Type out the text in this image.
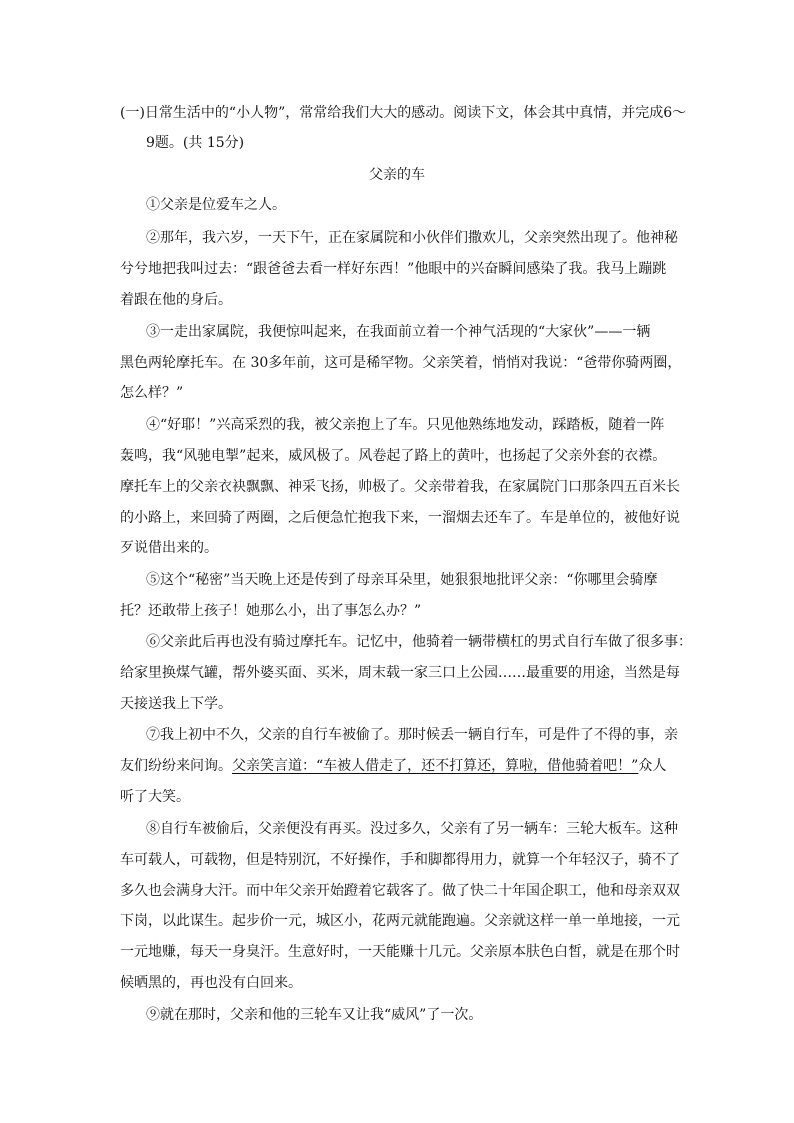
(一)日常生活中的“小人物”，常常给我们大大的感动。阅读下文，体会其中真情，并完成6～
9题。(共 15分)
父亲的车
①父亲是位爱车之人。
②那年，我六岁，一天下午，正在家属院和小伙伴们撒欢儿，父亲突然出现了。他神秘
兮兮地把我叫过去：“跟爸爸去看一样好东西！”他眼中的兴奋瞬间感染了我。我马上蹦跳
着跟在他的身后。
③一走出家属院，我便惊叫起来，在我面前立着一个神气活现的“大家伙”——一辆
黑色两轮摩托车。在 30多年前，这可是稀罕物。父亲笑着，悄悄对我说：“爸带你骑两圈，
怎么样？”
④“好耶！”兴高采烈的我，被父亲抱上了车。只见他熟练地发动，踩踏板，随着一阵
轰鸣，我“风驰电掣”起来，威风极了。风卷起了路上的黄叶，也扬起了父亲外套的衣襟。
摩托车上的父亲衣袂飘飘、神采飞扬，帅极了。父亲带着我，在家属院门口那条四五百米长
的小路上，来回骑了两圈，之后便急忙抱我下来，一溜烟去还车了。车是单位的，被他好说
歹说借出来的。
⑤这个“秘密”当天晚上还是传到了母亲耳朵里，她狠狠地批评父亲：“你哪里会骑摩
托？还敢带上孩子！她那么小，出了事怎么办？”
⑥父亲此后再也没有骑过摩托车。记忆中，他骑着一辆带横杠的男式自行车做了很多事：
给家里换煤气罐，帮外婆买面、买米，周末载一家三口上公园……最重要的用途，当然是每
天接送我上下学。
⑦我上初中不久，父亲的自行车被偷了。那时候丢一辆自行车，可是件了不得的事，亲
友们纷纷来问询。父亲笑言道：“车被人借走了，还不打算还，算啦，借他骑着吧！”众人
听了大笑。
⑧自行车被偷后，父亲便没有再买。没过多久，父亲有了另一辆车：三轮大板车。这种
车可载人，可载物，但是特别沉，不好操作，手和脚都得用力，就算一个年轻汉子，骑不了
多久也会满身大汗。而中年父亲开始蹬着它载客了。做了快二十年国企职工，他和母亲双双
下岗，以此谋生。起步价一元，城区小，花两元就能跑遍。父亲就这样一单一单地接，一元
一元地赚，每天一身臭汗。生意好时，一天能赚十几元。父亲原本肤色白皙，就是在那个时
候晒黑的，再也没有白回来。
⑨就在那时，父亲和他的三轮车又让我“威风”了一次。
